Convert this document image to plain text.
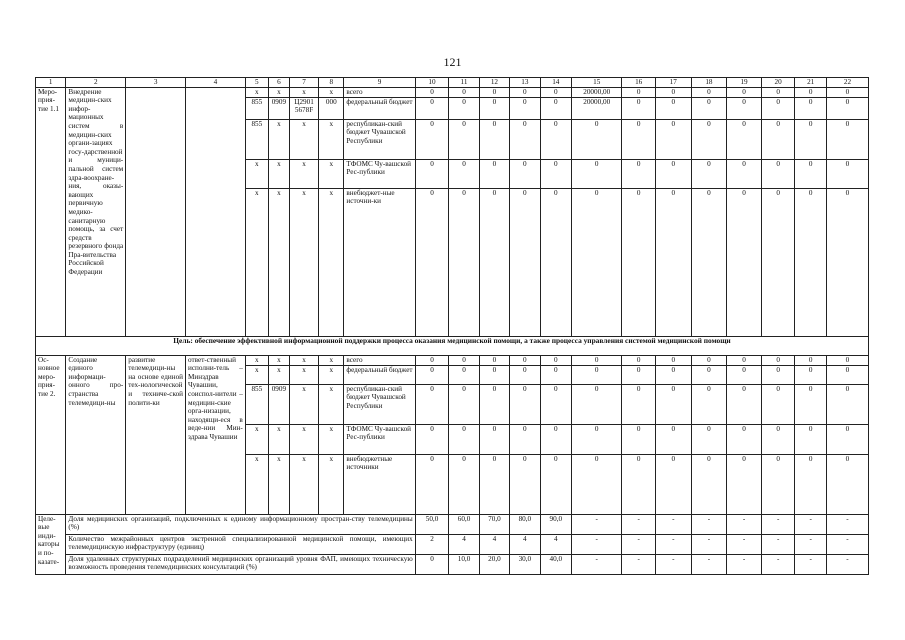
121
1	2	3	4	5	6	7	8	9	10	11	12	13	14	15	16	17	18	19	20	21	22
Меро-прия-тие 1.1	Внедрение медицин-ских инфор-мационных систем в медицин-ских органи-зациях госу-дарственной и муници-пальной систем здра-воохране-ния, оказы-вающих первичную медико-санитарную помощь, за счет средств резервного фонда Пра-вительства Российской Федерации			x	x	x	x	всего	0	0	0	0	0	20000,00	0	0	0	0	0	0	0
				855	0909	Ц2901 5678F	000	федеральный бюджет	0	0	0	0	0	20000,00	0	0	0	0	0	0	0
				855	x	x	x	республикан-ский бюджет Чувашской Республики	0	0	0	0	0	0	0	0	0	0	0	0	0
				x	x	x	x	ТФОМС Чу-вашской Рес-публики	0	0	0	0	0	0	0	0	0	0	0	0	0
				x	x	x	x	внебюджет-ные источни-ки	0	0	0	0	0	0	0	0	0	0	0	0	0
Цель: обеспечение эффективной информационной поддержки процесса оказания медицинской помощи, а также процесса управления системой медицинской помощи																					
Ос-новное меро-прия-тие 2.	Создание единого информаци-онного про-странства телемедици-ны	развитие телемедици-ны на основе единой тех-нологической и техниче-ской полити-ки	ответ-ственный исполни-тель – Минздрав Чувашии, соиспол-нители – медицин-ские орга-низации, находящи-еся в веде-нии Мин-здрава Чувашии	x	x	x	x	всего	0	0	0	0	0	0	0	0	0	0	0	0	0
				x	x	x	x	федеральный бюджет	0	0	0	0	0	0	0	0	0	0	0	0	0
				855	0909	x	x	республикан-ский бюджет Чувашской Республики	0	0	0	0	0	0	0	0	0	0	0	0	0
				x	x	x	x	ТФОМС Чу-вашской Рес-публики	0	0	0	0	0	0	0	0	0	0	0	0	0
				x	x	x	x	внебюджетные источники	0	0	0	0	0	0	0	0	0	0	0	0	0
Целе-вые инди-каторы и по-казате-	Доля медицинских организаций, подключенных к единому информационному простран-ству телемедицины (%)								50,0	60,0	70,0	80,0	90,0	-	-	-	-	-	-	-	-
	Количество межрайонных центров экстренной специализированной медицинской помощи, имеющих телемедицинскую инфраструктуру (единиц)								2	4	4	4	4	-	-	-	-	-	-	-	-
	Доля удаленных структурных подразделений медицинских организаций уровня ФАП, имеющих техническую возможность проведения телемедицинских консультаций (%)								0	10,0	20,0	30,0	40,0	-	-	-	-	-	-	-	-
